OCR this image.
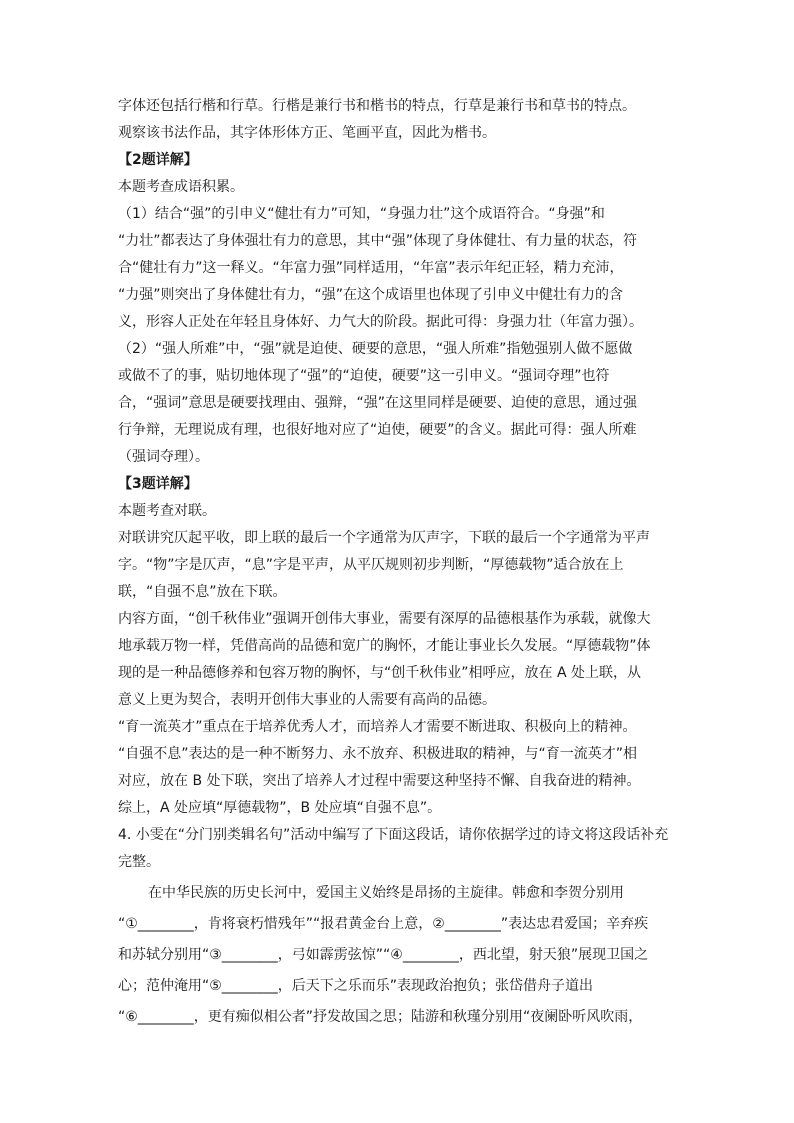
字体还包括行楷和行草。行楷是兼行书和楷书的特点，行草是兼行书和草书的特点。
观察该书法作品，其字体形体方正、笔画平直，因此为楷书。
【2题详解】
本题考查成语积累。
（1）结合“强”的引申义“健壮有力”可知，“身强力壮”这个成语符合。“身强”和
“力壮”都表达了身体强壮有力的意思，其中“强”体现了身体健壮、有力量的状态，符
合“健壮有力”这一释义。“年富力强”同样适用，“年富”表示年纪正轻，精力充沛，
“力强”则突出了身体健壮有力，“强”在这个成语里也体现了引申义中健壮有力的含
义，形容人正处在年轻且身体好、力气大的阶段。据此可得：身强力壮（年富力强）。
（2）“强人所难”中，“强”就是迫使、硬要的意思，“强人所难”指勉强别人做不愿做
或做不了的事，贴切地体现了“强”的“迫使，硬要”这一引申义。“强词夺理”也符
合，“强词”意思是硬要找理由、强辩，“强”在这里同样是硬要、迫使的意思，通过强
行争辩，无理说成有理，也很好地对应了“迫使，硬要”的含义。据此可得：强人所难
（强词夺理）。
【3题详解】
本题考查对联。
对联讲究仄起平收，即上联的最后一个字通常为仄声字，下联的最后一个字通常为平声
字。“物”字是仄声，“息”字是平声，从平仄规则初步判断，“厚德载物”适合放在上
联，“自强不息”放在下联。
内容方面，“创千秋伟业”强调开创伟大事业，需要有深厚的品德根基作为承载，就像大
地承载万物一样，凭借高尚的品德和宽广的胸怀，才能让事业长久发展。“厚德载物”体
现的是一种品德修养和包容万物的胸怀，与“创千秋伟业”相呼应，放在 A 处上联，从
意义上更为契合，表明开创伟大事业的人需要有高尚的品德。
“育一流英才”重点在于培养优秀人才，而培养人才需要不断进取、积极向上的精神。
“自强不息”表达的是一种不断努力、永不放弃、积极进取的精神，与“育一流英才”相
对应，放在 B 处下联，突出了培养人才过程中需要这种坚持不懈、自我奋进的精神。
综上，A 处应填“厚德载物”，B 处应填“自强不息”。
4. 小雯在“分门别类辑名句”活动中编写了下面这段话，请你依据学过的诗文将这段话补充
完整。
在中华民族的历史长河中，爱国主义始终是昂扬的主旋律。韩愈和李贺分别用
“①________，肯将衰朽惜残年”“报君黄金台上意，②________”表达忠君爱国；辛弃疾
和苏轼分别用“③________，弓如霹雳弦惊”“④________，西北望，射天狼”展现卫国之
心；范仲淹用“⑤________，后天下之乐而乐”表现政治抱负；张岱借舟子道出
“⑥________，更有痴似相公者”抒发故国之思；陆游和秋瑾分别用“夜阑卧听风吹雨，
